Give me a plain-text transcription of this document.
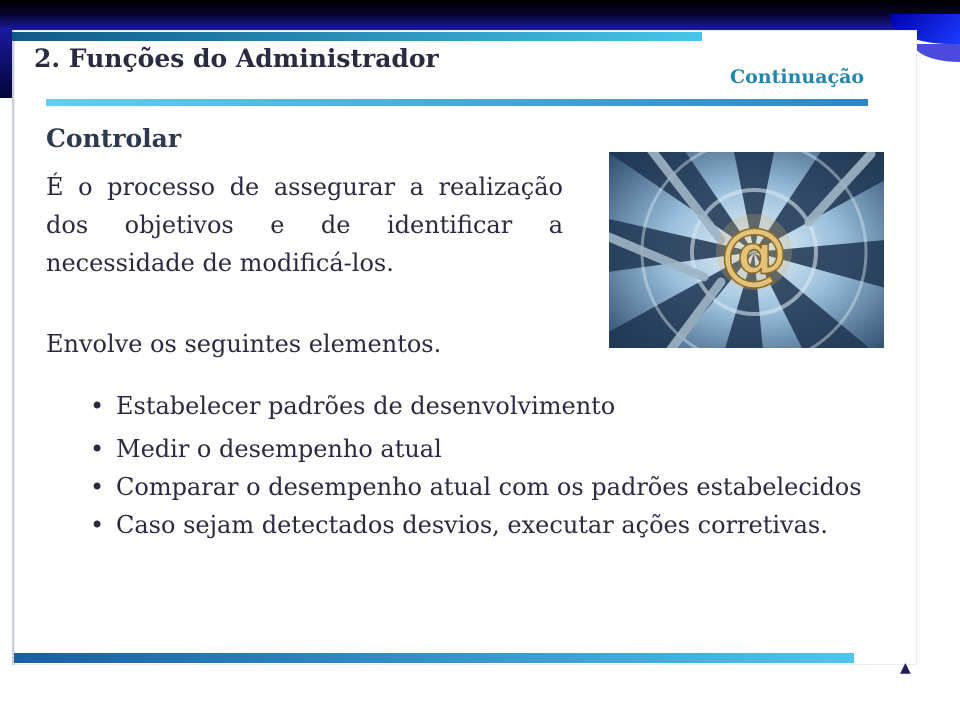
2. Funções do Administrador
Continuação
Controlar
É o processo de assegurar a realização dos objetivos e de identificar a necessidade de modificá-los.	@
Envolve os seguintes elementos.
• Estabelecer padrões de desenvolvimento
• Medir o desempenho atual
• Comparar o desempenho atual com os padrões estabelecidos
• Caso sejam detectados desvios, executar ações corretivas.
▲
